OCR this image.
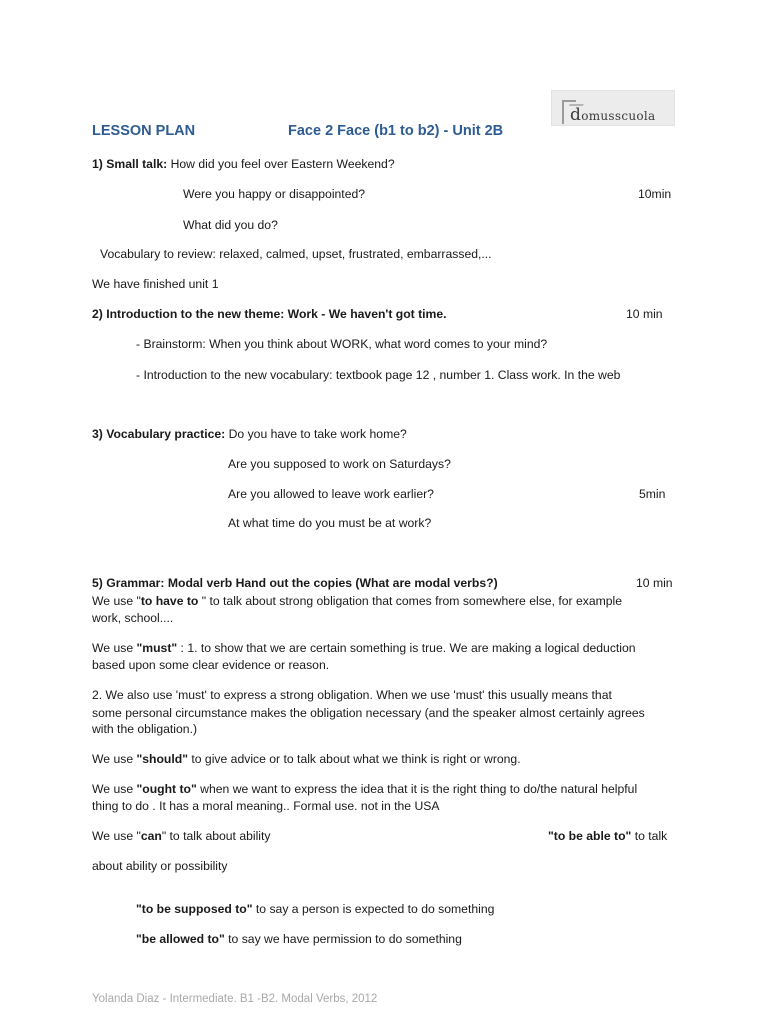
domusscuola
LESSON PLAN	Face 2 Face (b1 to b2) - Unit 2B
1) Small talk: How did you feel over Eastern Weekend?
Were you happy or disappointed?	10min
What did you do?
Vocabulary to review: relaxed, calmed, upset, frustrated, embarrassed,...
We have finished unit 1
2) Introduction to the new theme: Work - We haven't got time.	10 min
- Brainstorm: When you think about WORK, what word comes to your mind?
- Introduction to the new vocabulary: textbook page 12 , number 1. Class work. In the web
3) Vocabulary practice: Do you have to take work home?
Are you supposed to work on Saturdays?
Are you allowed to leave work earlier?	5min
At what time do you must be at work?
5) Grammar: Modal verb Hand out the copies (What are modal verbs?)	10 min
We use "to have to " to talk about strong obligation that comes from somewhere else, for example
work, school....
We use "must" : 1. to show that we are certain something is true. We are making a logical deduction
based upon some clear evidence or reason.
2. We also use 'must' to express a strong obligation. When we use 'must' this usually means that
some personal circumstance makes the obligation necessary (and the speaker almost certainly agrees
with the obligation.)
We use "should" to give advice or to talk about what we think is right or wrong.
We use "ought to" when we want to express the idea that it is the right thing to do/the natural helpful
thing to do . It has a moral meaning.. Formal use. not in the USA
We use "can" to talk about ability	"to be able to" to talk
about ability or possibility
"to be supposed to" to say a person is expected to do something
"be allowed to" to say we have permission to do something
Yolanda Diaz - Intermediate. B1 -B2. Modal Verbs, 2012
